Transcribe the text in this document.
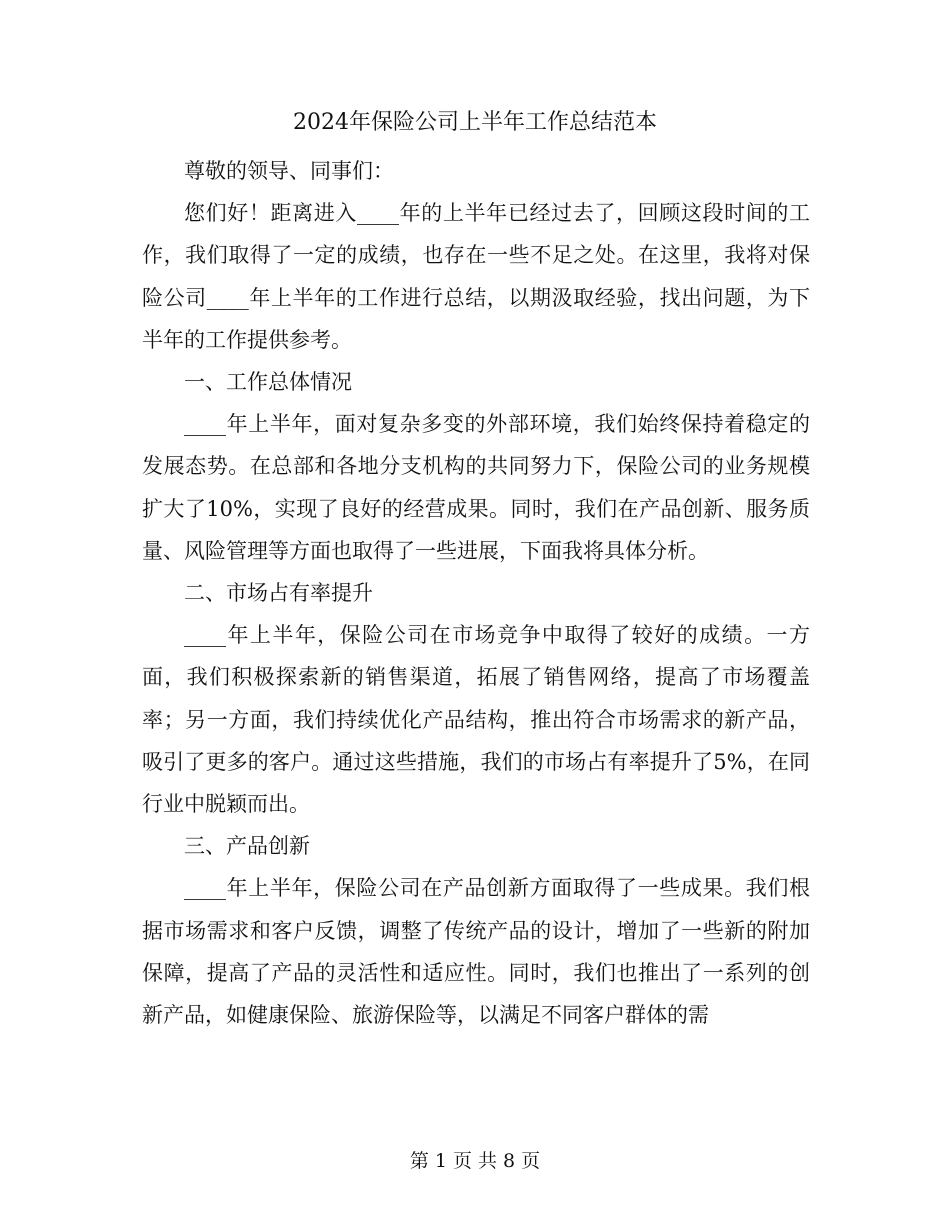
2024年保险公司上半年工作总结范本

尊敬的领导、同事们：

您们好！距离进入____年的上半年已经过去了，回顾这段时间的工作，我们取得了一定的成绩，也存在一些不足之处。在这里，我将对保险公司____年上半年的工作进行总结，以期汲取经验，找出问题，为下半年的工作提供参考。

一、工作总体情况

____年上半年，面对复杂多变的外部环境，我们始终保持着稳定的发展态势。在总部和各地分支机构的共同努力下，保险公司的业务规模扩大了10%，实现了良好的经营成果。同时，我们在产品创新、服务质量、风险管理等方面也取得了一些进展，下面我将具体分析。

二、市场占有率提升

____年上半年，保险公司在市场竞争中取得了较好的成绩。一方面，我们积极探索新的销售渠道，拓展了销售网络，提高了市场覆盖率；另一方面，我们持续优化产品结构，推出符合市场需求的新产品，吸引了更多的客户。通过这些措施，我们的市场占有率提升了5%，在同行业中脱颖而出。

三、产品创新

____年上半年，保险公司在产品创新方面取得了一些成果。我们根据市场需求和客户反馈，调整了传统产品的设计，增加了一些新的附加保障，提高了产品的灵活性和适应性。同时，我们也推出了一系列的创新产品，如健康保险、旅游保险等，以满足不同客户群体的需

第 1 页 共 8 页
